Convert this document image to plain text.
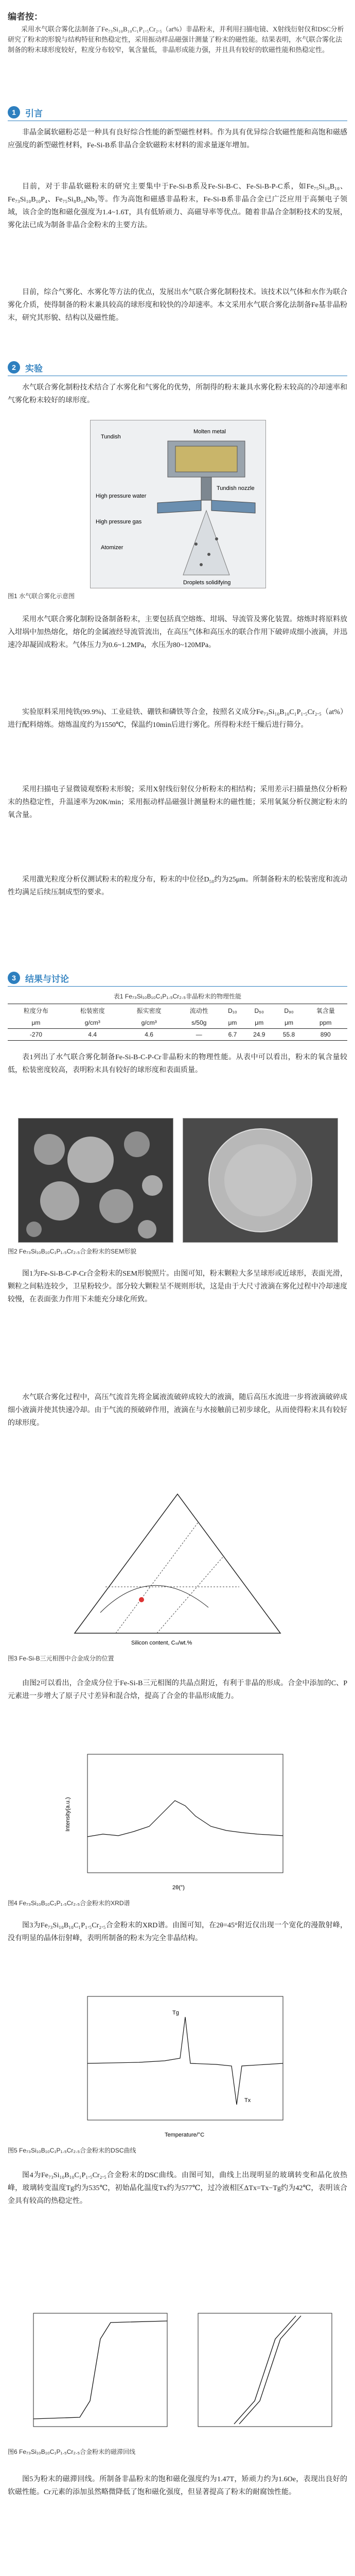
编者按：
采用水气联合雾化法制备了Fe₇₃Si₁₀B₁₀C₁P₁.₅Cr₂.₅（at%）非晶粉末，并利用扫描电镜、X射线衍射仪和DSC分析研究了粉末的形貌与结构特征和热稳定性，采用振动样品磁强计测量了粉末的磁性能。结果表明，水气联合雾化法制备的粉末球形度较好，粒度分布较窄，氧含量低，非晶形成能力强，并且具有较好的软磁性能和热稳定性。
1	引言
非晶金属软磁粉芯是一种具有良好综合性能的新型磁性材料。作为具有优异综合软磁性能和高饱和磁感应强度的新型磁性材料，Fe-Si-B系非晶合金软磁粉末材料的需求量逐年增加。
目前，对于非晶软磁粉末的研究主要集中于Fe-Si-B系及Fe-Si-B-C、Fe-Si-B-P-C系，如Fe₇₅Si₁₀B₁₀、Fe₇₃Si₁₀B₁₀P₄、Fe₇₅Si₈B₁₄Nb₃等。作为高饱和磁感非晶粉末，Fe-Si-B系非晶合金已广泛应用于高频电子领域，该合金的饱和磁化强度为1.4~1.6T，具有低矫顽力、高磁导率等优点。随着非晶合金制粉技术的发展，雾化法已成为制备非晶合金粉末的主要方法。
目前，综合气雾化、水雾化等方法的优点，发展出水气联合雾化制粉技术。该技术以气体和水作为联合雾化介质，使得制备的粉末兼具较高的球形度和较快的冷却速率。本文采用水气联合雾化法制备Fe基非晶粉末，研究其形貌、结构以及磁性能。
2	实验
水气联合雾化制粉技术结合了水雾化和气雾化的优势，所制得的粉末兼具水雾化粉末较高的冷却速率和气雾化粉末较好的球形度。
Tundish
Molten metal
Tundish nozzle
High pressure water
High pressure gas
Atomizer
Droplets solidifying
图1 水气联合雾化示意图
采用水气联合雾化制粉设备制备粉末，主要包括真空熔炼、坩埚、导流管及雾化装置。熔炼时将原料放入坩埚中加热熔化，熔化的金属液经导流管流出，在高压气体和高压水的联合作用下破碎成细小液滴，并迅速冷却凝固成粉末。气体压力为0.6~1.2MPa，水压为80~120MPa。
实验原料采用纯铁(99.9%)、工业硅铁、硼铁和磷铁等合金，按照名义成分Fe₇₃Si₁₀B₁₀C₁P₁.₅Cr₂.₅（at%）进行配料熔炼。熔炼温度约为1550℃，保温约10min后进行雾化。所得粉末经干燥后进行筛分。
采用扫描电子显微镜观察粉末形貌；采用X射线衍射仪分析粉末的相结构；采用差示扫描量热仪分析粉末的热稳定性，升温速率为20K/min；采用振动样品磁强计测量粉末的磁性能；采用氧氮分析仪测定粉末的氧含量。
采用激光粒度分析仪测试粉末的粒度分布，粉末的中位径D₅₀约为25μm。所制备粉末的松装密度和流动性均满足后续压制成型的要求。
3	结果与讨论
表1 Fe₇₃Si₁₀B₁₀C₁P₁.₅Cr₂.₅非晶粉末的物理性能
粒度分布	松装密度	振实密度	流动性	D₁₀	D₅₀	D₉₀	氧含量
μm	g/cm³	g/cm³	s/50g	μm	μm	μm	ppm
-270	4.4	4.6	—	6.7	24.9	55.8	890
表1列出了水气联合雾化制备Fe-Si-B-C-P-Cr非晶粉末的物理性能。从表中可以看出，粉末的氧含量较低，松装密度较高，表明粉末具有较好的球形度和表面质量。
图2 Fe₇₃Si₁₀B₁₀C₁P₁.₅Cr₂.₅合金粉末的SEM形貌
图1为Fe-Si-B-C-P-Cr合金粉末的SEM形貌照片。由图可知，粉末颗粒大多呈球形或近球形，表面光滑，颗粒之间粘连较少，卫星粉较少。部分较大颗粒呈不规则形状，这是由于大尺寸液滴在雾化过程中冷却速度较慢，在表面张力作用下未能充分球化所致。
水气联合雾化过程中，高压气流首先将金属液流破碎成较大的液滴，随后高压水流进一步将液滴破碎成细小液滴并使其快速冷却。由于气流的预破碎作用，液滴在与水接触前已初步球化，从而使得粉末具有较好的球形度。
Silicon content, Cₛᵢ/wt.%
图3 Fe-Si-B三元相图中合金成分的位置
由图2可以看出，合金成分位于Fe-Si-B三元相图的共晶点附近，有利于非晶的形成。合金中添加的C、P元素进一步增大了原子尺寸差异和混合焓，提高了合金的非晶形成能力。
2θ(°)
Intensity(a.u.)
图4 Fe₇₃Si₁₀B₁₀C₁P₁.₅Cr₂.₅合金粉末的XRD谱
图3为Fe₇₃Si₁₀B₁₀C₁P₁.₅Cr₂.₅合金粉末的XRD谱。由图可知，在2θ=45°附近仅出现一个宽化的漫散射峰，没有明显的晶体衍射峰，表明所制备的粉末为完全非晶结构。
Tg
Tx
Temperature/°C
图5 Fe₇₃Si₁₀B₁₀C₁P₁.₅Cr₂.₅合金粉末的DSC曲线
图4为Fe₇₃Si₁₀B₁₀C₁P₁.₅Cr₂.₅合金粉末的DSC曲线。由图可知，曲线上出现明显的玻璃转变和晶化放热峰，玻璃转变温度Tg约为535℃，初始晶化温度Tx约为577℃，过冷液相区ΔTx=Tx−Tg约为42℃，表明该合金具有较高的热稳定性。
图6 Fe₇₃Si₁₀B₁₀C₁P₁.₅Cr₂.₅合金粉末的磁滞回线
图5为粉末的磁滞回线。所制备非晶粉末的饱和磁化强度约为1.47T，矫顽力约为1.6Oe，表现出良好的软磁性能。Cr元素的添加虽然略微降低了饱和磁化强度，但显著提高了粉末的耐腐蚀性能。
